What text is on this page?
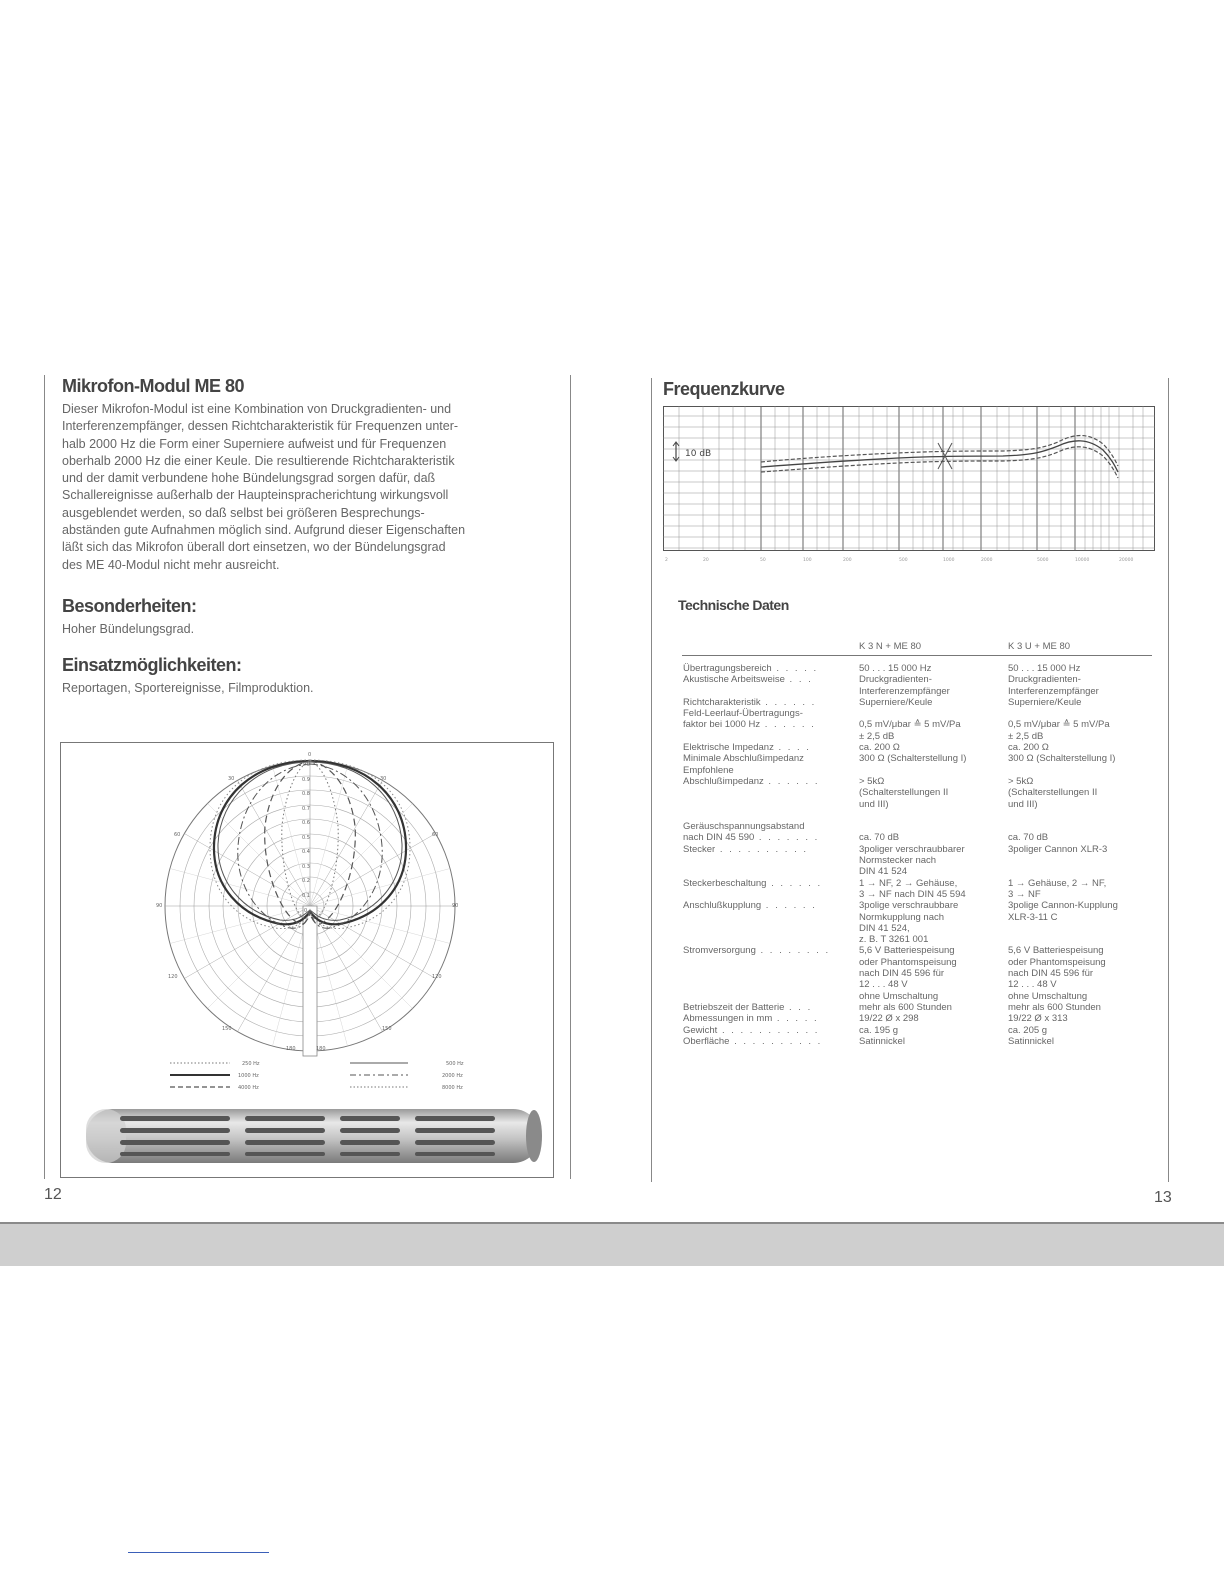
Mikrofon-Modul ME 80
Dieser Mikrofon-Modul ist eine Kombination von Druckgradienten- und
Interferenzempfänger, dessen Richtcharakteristik für Frequenzen unter-
halb 2000 Hz die Form einer Superniere aufweist und für Frequenzen
oberhalb 2000 Hz die einer Keule. Die resultierende Richtcharakteristik
und der damit verbundene hohe Bündelungsgrad sorgen dafür, daß
Schallereignisse außerhalb der Haupteinspracherichtung wirkungsvoll
ausgeblendet werden, so daß selbst bei größeren Besprechungs-
abständen gute Aufnahmen möglich sind. Aufgrund dieser Eigenschaften
läßt sich das Mikrofon überall dort einsetzen, wo der Bündelungsgrad
des ME 40-Modul nicht mehr ausreicht.
Besonderheiten:
Hoher Bündelungsgrad.
Einsatzmöglichkeiten:
Reportagen, Sportereignisse, Filmproduktion.
0
30	30
60	60
90	90
120	120
150	150
180	180
1.0
0.9
0.8
0.7
0.6
0.5
0.4
0.3
0.2
0.1
0
250 Hz	500 Hz
1000 Hz	2000 Hz
4000 Hz	8000 Hz
12
Frequenzkurve
10 dB
2	20	50	100	200	500	1000	2000	5000	10000	20000
Technische Daten
K 3 N + ME 80	K 3 U + ME 80
Übertragungsbereich . . . . .	50 . . . 15 000 Hz	50 . . . 15 000 Hz
Akustische Arbeitsweise . . .	Druckgradienten-	Druckgradienten-
Interferenzempfänger	Interferenzempfänger
Richtcharakteristik . . . . . .	Superniere/Keule	Superniere/Keule
Feld-Leerlauf-Übertragungs-
faktor bei 1000 Hz . . . . . .	0,5 mV/μbar ≙ 5 mV/Pa	0,5 mV/μbar ≙ 5 mV/Pa
± 2,5 dB	± 2,5 dB
Elektrische Impedanz . . . .	ca. 200 Ω	ca. 200 Ω
Minimale Abschlußimpedanz	300 Ω (Schalterstellung I)	300 Ω (Schalterstellung I)
Empfohlene
Abschlußimpedanz . . . . . .	> 5kΩ	> 5kΩ
(Schalterstellungen II	(Schalterstellungen II
und III)	und III)
Geräuschspannungsabstand
nach DIN 45 590 . . . . . . .	ca. 70 dB	ca. 70 dB
Stecker . . . . . . . . . .	3poliger verschraubbarer	3poliger Cannon XLR-3
Normstecker nach
DIN 41 524
Steckerbeschaltung . . . . . .	1 → NF, 2 → Gehäuse,	1 → Gehäuse, 2 → NF,
3 → NF nach DIN 45 594	3 → NF
Anschlußkupplung . . . . . .	3polige verschraubbare	3polige Cannon-Kupplung
Normkupplung nach	XLR-3-11 C
DIN 41 524,
z. B. T 3261 001
Stromversorgung . . . . . . . .	5,6 V Batteriespeisung	5,6 V Batteriespeisung
oder Phantomspeisung	oder Phantomspeisung
nach DIN 45 596 für	nach DIN 45 596 für
12 . . . 48 V	12 . . . 48 V
ohne Umschaltung	ohne Umschaltung
Betriebszeit der Batterie . . .	mehr als 600 Stunden	mehr als 600 Stunden
Abmessungen in mm . . . . .	19/22 Ø x 298	19/22 Ø x 313
Gewicht . . . . . . . . . . .	ca. 195 g	ca. 205 g
Oberfläche . . . . . . . . . .	Satinnickel	Satinnickel
13
